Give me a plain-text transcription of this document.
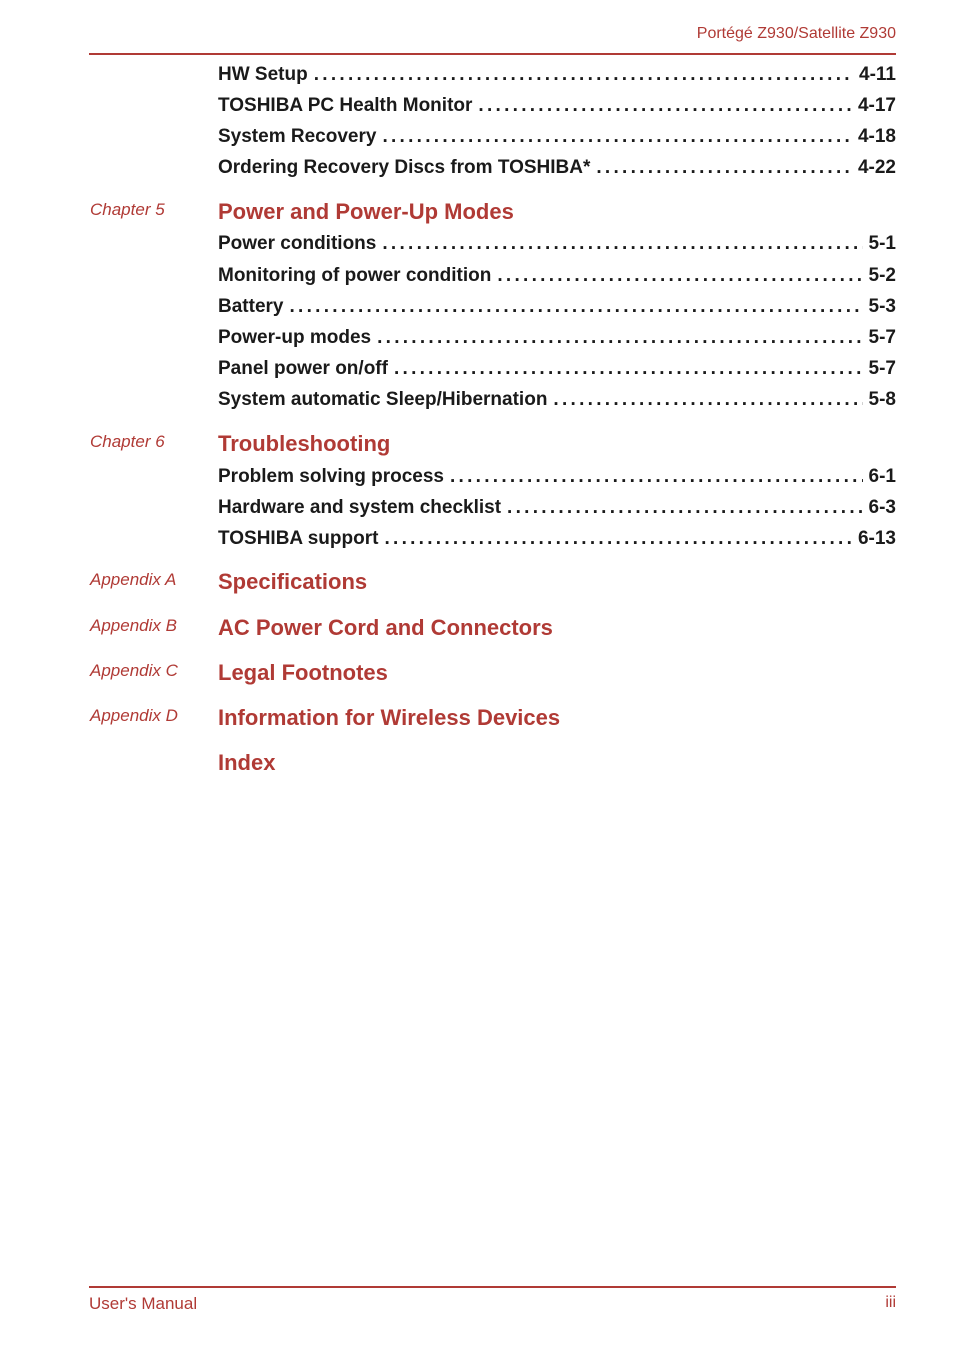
Portégé Z930/Satellite Z930
HW Setup . . .	4-11
TOSHIBA PC Health Monitor . . .	4-17
System Recovery . . .	4-18
Ordering Recovery Discs from TOSHIBA* . . .	4-22
Chapter 5 Power and Power-Up Modes
Power conditions . . .	5-1
Monitoring of power condition . . .	5-2
Battery . . .	5-3
Power-up modes . . .	5-7
Panel power on/off . . .	5-7
System automatic Sleep/Hibernation . . .	5-8
Chapter 6 Troubleshooting
Problem solving process . . .	6-1
Hardware and system checklist . . .	6-3
TOSHIBA support . . .	6-13
Appendix A Specifications
Appendix B AC Power Cord and Connectors
Appendix C Legal Footnotes
Appendix D Information for Wireless Devices
Index
User's Manual	iii
